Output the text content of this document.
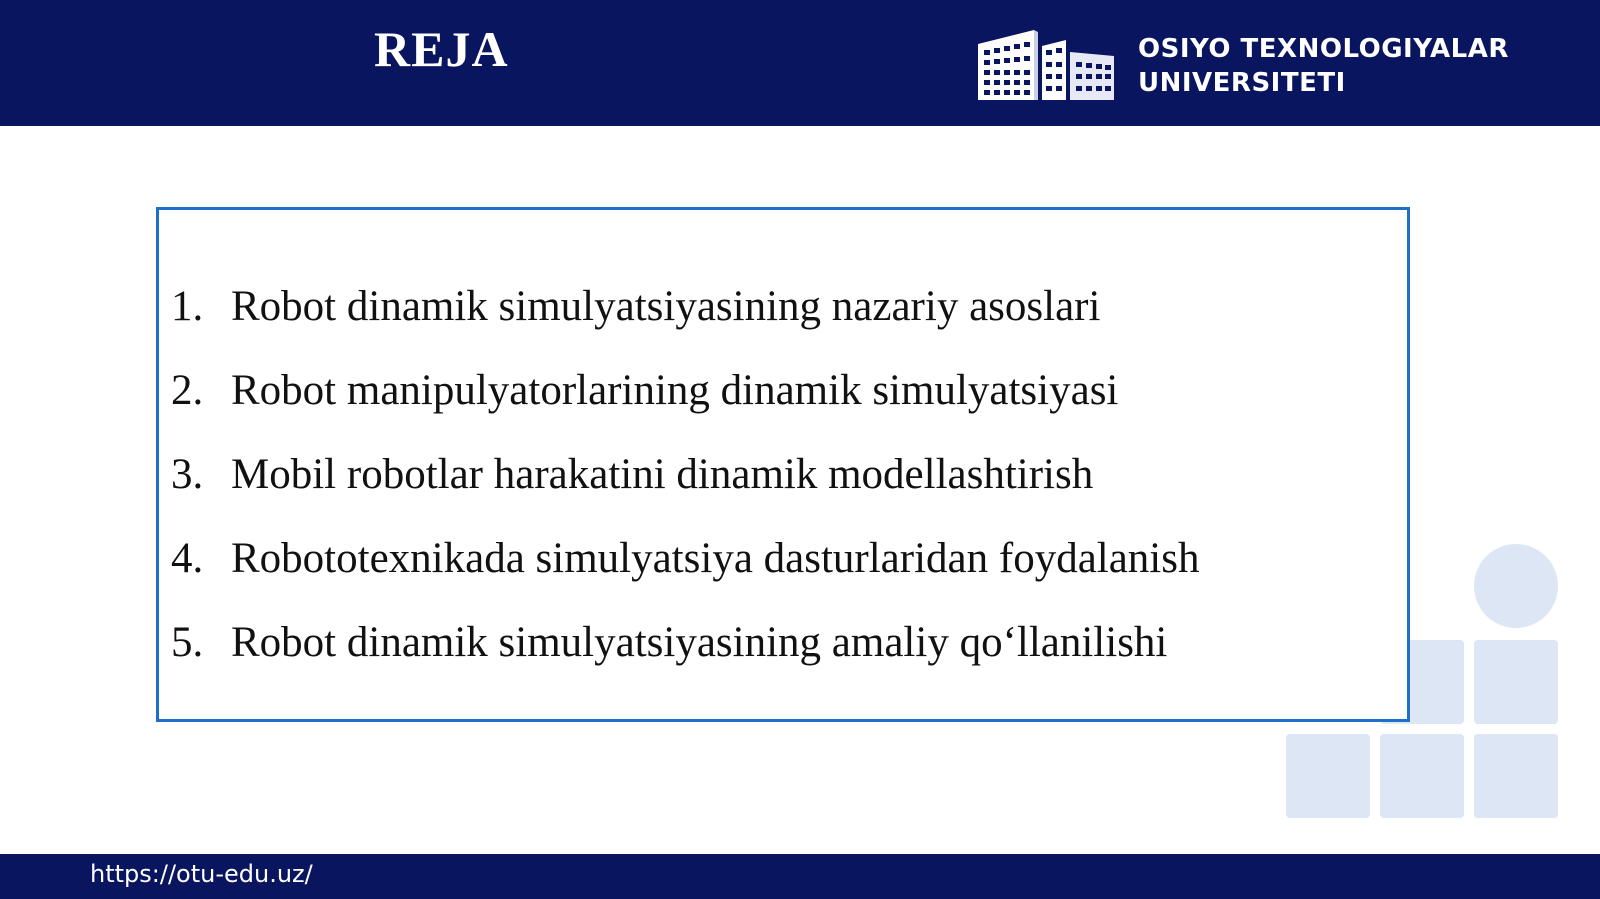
REJA	OSIYO TEXNOLOGIYALAR
UNIVERSITETI
1. Robot dinamik simulyatsiyasining nazariy asoslari
2. Robot manipulyatorlarining dinamik simulyatsiyasi
3. Mobil robotlar harakatini dinamik modellashtirish
4. Robototexnikada simulyatsiya dasturlaridan foydalanish
5. Robot dinamik simulyatsiyasining amaliy qo‘llanilishi
https://otu-edu.uz/
